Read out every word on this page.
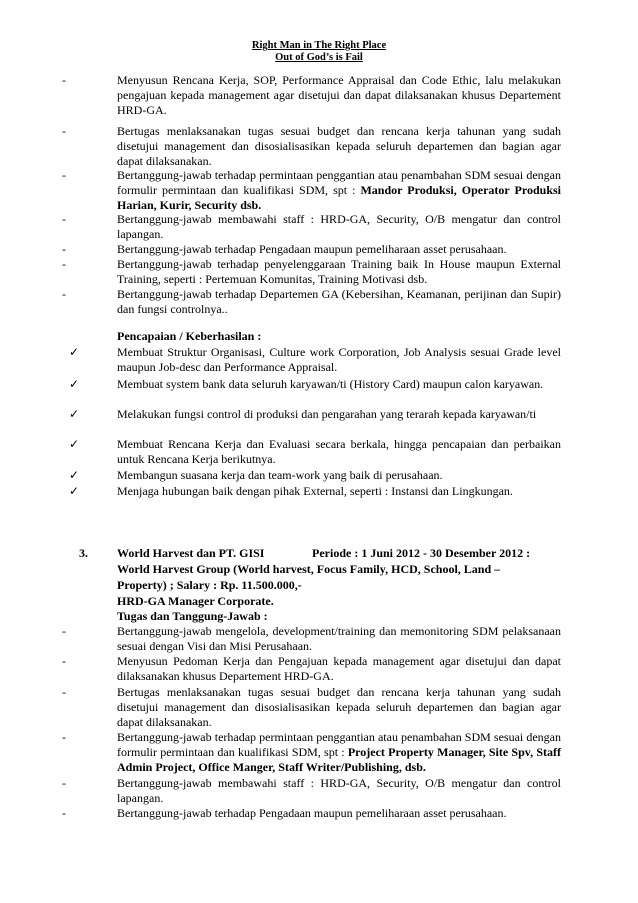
Right Man in The Right Place
Out of God’s is Fail
-	Menyusun Rencana Kerja, SOP, Performance Appraisal dan Code Ethic, lalu melakukan pengajuan kepada management agar disetujui dan dapat dilaksanakan khusus Departement HRD-GA.
-	Bertugas menlaksanakan tugas sesuai budget dan rencana kerja tahunan yang sudah disetujui management dan disosialisasikan kepada seluruh departemen dan bagian agar dapat dilaksanakan.
-	Bertanggung-jawab terhadap permintaan penggantian atau penambahan SDM sesuai dengan formulir permintaan dan kualifikasi SDM, spt : Mandor Produksi, Operator Produksi Harian, Kurir, Security dsb.
-	Bertanggung-jawab membawahi staff : HRD-GA, Security, O/B mengatur dan control lapangan.
-	Bertanggung-jawab terhadap Pengadaan maupun pemeliharaan asset perusahaan.
-	Bertanggung-jawab terhadap penyelenggaraan Training baik In House maupun External Training, seperti : Pertemuan Komunitas, Training Motivasi dsb.
-	Bertanggung-jawab terhadap Departemen GA (Kebersihan, Keamanan, perijinan dan Supir) dan fungsi controlnya..
Pencapaian / Keberhasilan :
✓	Membuat Struktur Organisasi, Culture work Corporation, Job Analysis sesuai Grade level maupun Job-desc dan Performance Appraisal.
✓	Membuat system bank data seluruh karyawan/ti (History Card) maupun calon karyawan.
✓	Melakukan fungsi control di produksi dan pengarahan yang terarah kepada karyawan/ti
✓	Membuat Rencana Kerja dan Evaluasi secara berkala, hingga pencapaian dan perbaikan untuk Rencana Kerja berikutnya.
✓	Membangun suasana kerja dan team-work yang baik di perusahaan.
✓	Menjaga hubungan baik dengan pihak External, seperti : Instansi dan Lingkungan.
3. World Harvest dan PT. GISI	Periode : 1 Juni 2012 - 30 Desember 2012 :
World Harvest Group (World harvest, Focus Family, HCD, School, Land –
Property) ; Salary : Rp. 11.500.000,-
HRD-GA Manager Corporate.
Tugas dan Tanggung-Jawab :
-	Bertanggung-jawab mengelola, development/training dan memonitoring SDM pelaksanaan sesuai dengan Visi dan Misi Perusahaan.
-	Menyusun Pedoman Kerja dan Pengajuan kepada management agar disetujui dan dapat dilaksanakan khusus Departement HRD-GA.
-	Bertugas menlaksanakan tugas sesuai budget dan rencana kerja tahunan yang sudah disetujui management dan disosialisasikan kepada seluruh departemen dan bagian agar dapat dilaksanakan.
-	Bertanggung-jawab terhadap permintaan penggantian atau penambahan SDM sesuai dengan formulir permintaan dan kualifikasi SDM, spt : Project Property Manager, Site Spv, Staff Admin Project, Office Manger, Staff Writer/Publishing, dsb.
-	Bertanggung-jawab membawahi staff : HRD-GA, Security, O/B mengatur dan control lapangan.
-	Bertanggung-jawab terhadap Pengadaan maupun pemeliharaan asset perusahaan.
